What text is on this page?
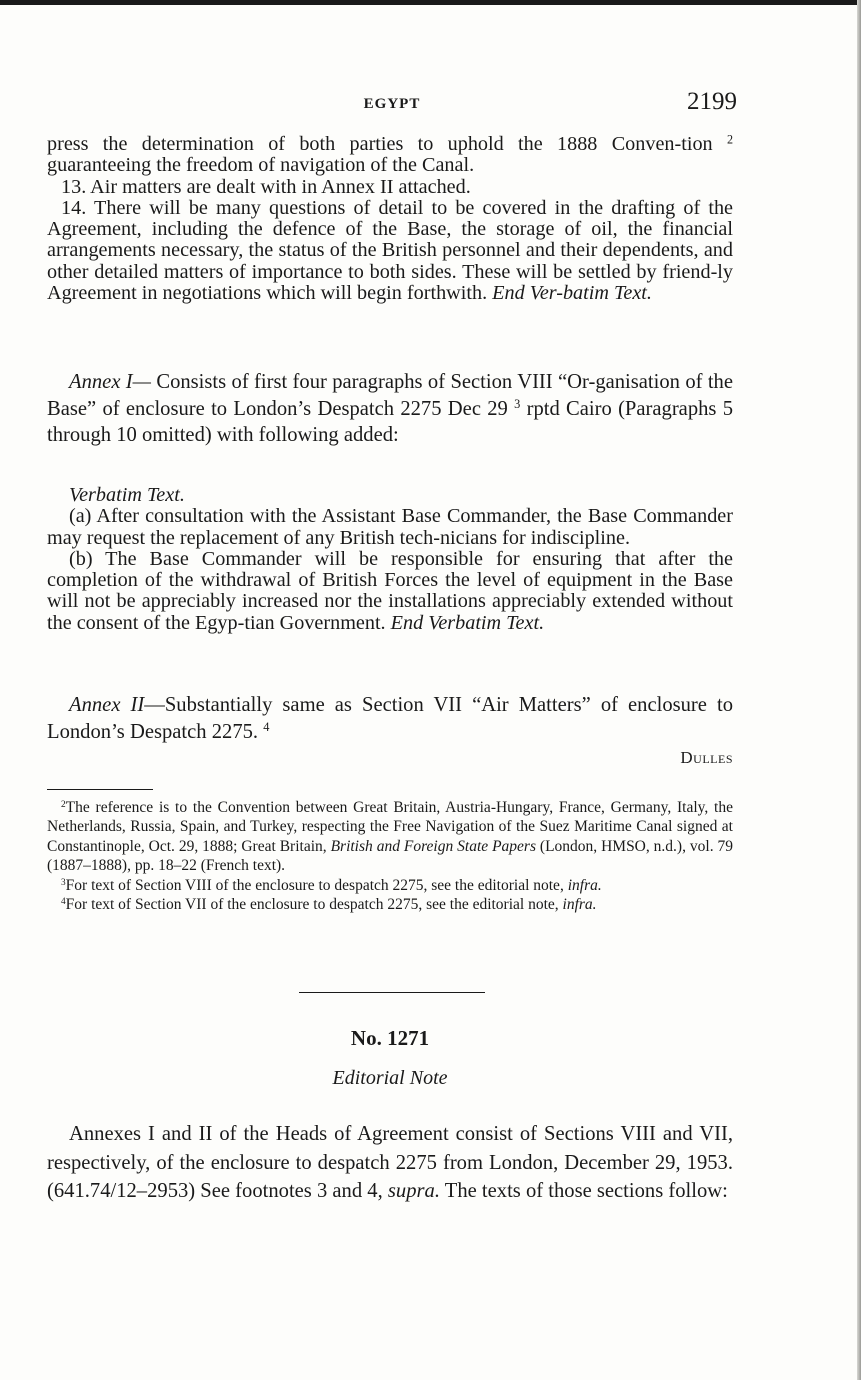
EGYPT	2199

press the determination of both parties to uphold the 1888 Conven-tion $^2$ guaranteeing the freedom of navigation of the Canal.

13. Air matters are dealt with in Annex II attached.

14. There will be many questions of detail to be covered in the drafting of the Agreement, including the defence of the Base, the storage of oil, the financial arrangements necessary, the status of the British personnel and their dependents, and other detailed matters of importance to both sides. These will be settled by friend-ly Agreement in negotiations which will begin forthwith. End Ver-batim Text.

Annex I— Consists of first four paragraphs of Section VIII “Or-ganisation of the Base” of enclosure to London’s Despatch 2275 Dec 29 $^3$ rptd Cairo (Paragraphs 5 through 10 omitted) with following added:

Verbatim Text.

(a) After consultation with the Assistant Base Commander, the Base Commander may request the replacement of any British tech-nicians for indiscipline.

(b) The Base Commander will be responsible for ensuring that after the completion of the withdrawal of British Forces the level of equipment in the Base will not be appreciably increased nor the installations appreciably extended without the consent of the Egyp-tian Government. End Verbatim Text.

Annex II—Substantially same as Section VII “Air Matters” of enclosure to London’s Despatch 2275. $^4$

Dulles

$^2$The reference is to the Convention between Great Britain, Austria-Hungary, France, Germany, Italy, the Netherlands, Russia, Spain, and Turkey, respecting the Free Navigation of the Suez Maritime Canal signed at Constantinople, Oct. 29, 1888; Great Britain, British and Foreign State Papers (London, HMSO, n.d.), vol. 79 (1887–1888), pp. 18–22 (French text).

$^3$For text of Section VIII of the enclosure to despatch 2275, see the editorial note, infra.

$^4$For text of Section VII of the enclosure to despatch 2275, see the editorial note, infra.

No. 1271
Editorial Note

Annexes I and II of the Heads of Agreement consist of Sections VIII and VII, respectively, of the enclosure to despatch 2275 from London, December 29, 1953. (641.74/12–2953) See footnotes 3 and 4, supra. The texts of those sections follow:
